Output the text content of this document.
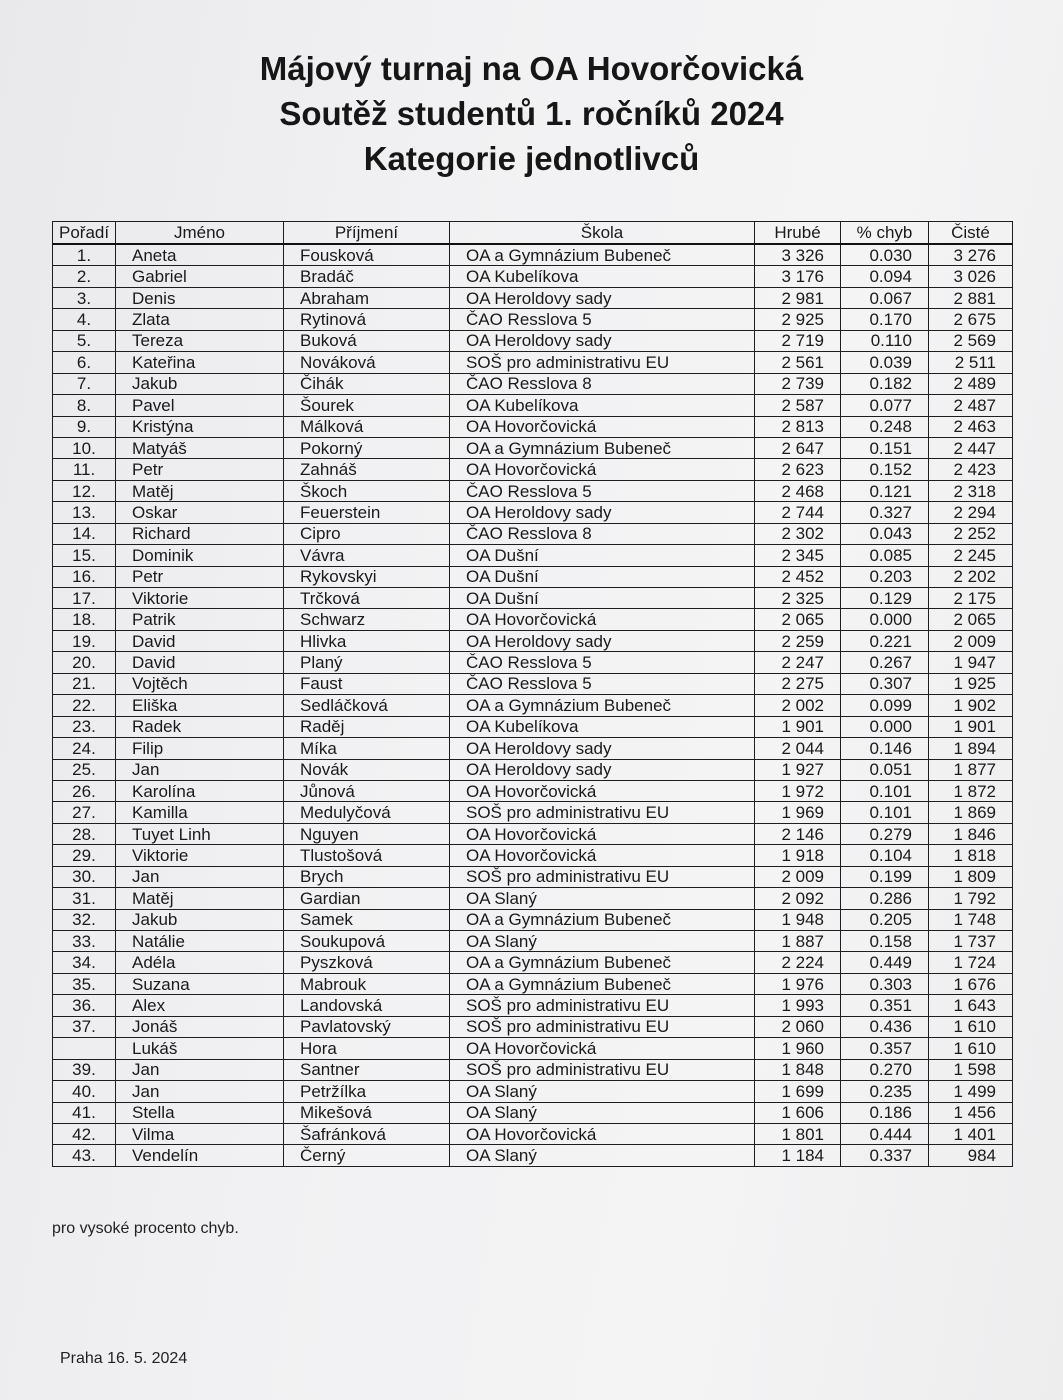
Májový turnaj na OA Hovorčovická
Soutěž studentů 1. ročníků 2024
Kategorie jednotlivců
Pořadí	Jméno	Příjmení	Škola	Hrubé	% chyb	Čisté
1.	Aneta	Fousková	OA a Gymnázium Bubeneč	3 326	0.030	3 276
2.	Gabriel	Bradáč	OA Kubelíkova	3 176	0.094	3 026
3.	Denis	Abraham	OA Heroldovy sady	2 981	0.067	2 881
4.	Zlata	Rytinová	ČAO Resslova 5	2 925	0.170	2 675
5.	Tereza	Buková	OA Heroldovy sady	2 719	0.110	2 569
6.	Kateřina	Nováková	SOŠ pro administrativu EU	2 561	0.039	2 511
7.	Jakub	Čihák	ČAO Resslova 8	2 739	0.182	2 489
8.	Pavel	Šourek	OA Kubelíkova	2 587	0.077	2 487
9.	Kristýna	Málková	OA Hovorčovická	2 813	0.248	2 463
10.	Matyáš	Pokorný	OA a Gymnázium Bubeneč	2 647	0.151	2 447
11.	Petr	Zahnáš	OA Hovorčovická	2 623	0.152	2 423
12.	Matěj	Škoch	ČAO Resslova 5	2 468	0.121	2 318
13.	Oskar	Feuerstein	OA Heroldovy sady	2 744	0.327	2 294
14.	Richard	Cipro	ČAO Resslova 8	2 302	0.043	2 252
15.	Dominik	Vávra	OA Dušní	2 345	0.085	2 245
16.	Petr	Rykovskyi	OA Dušní	2 452	0.203	2 202
17.	Viktorie	Trčková	OA Dušní	2 325	0.129	2 175
18.	Patrik	Schwarz	OA Hovorčovická	2 065	0.000	2 065
19.	David	Hlivka	OA Heroldovy sady	2 259	0.221	2 009
20.	David	Planý	ČAO Resslova 5	2 247	0.267	1 947
21.	Vojtěch	Faust	ČAO Resslova 5	2 275	0.307	1 925
22.	Eliška	Sedláčková	OA a Gymnázium Bubeneč	2 002	0.099	1 902
23.	Radek	Raděj	OA Kubelíkova	1 901	0.000	1 901
24.	Filip	Míka	OA Heroldovy sady	2 044	0.146	1 894
25.	Jan	Novák	OA Heroldovy sady	1 927	0.051	1 877
26.	Karolína	Jůnová	OA Hovorčovická	1 972	0.101	1 872
27.	Kamilla	Medulyčová	SOŠ pro administrativu EU	1 969	0.101	1 869
28.	Tuyet Linh	Nguyen	OA Hovorčovická	2 146	0.279	1 846
29.	Viktorie	Tlustošová	OA Hovorčovická	1 918	0.104	1 818
30.	Jan	Brych	SOŠ pro administrativu EU	2 009	0.199	1 809
31.	Matěj	Gardian	OA Slaný	2 092	0.286	1 792
32.	Jakub	Samek	OA a Gymnázium Bubeneč	1 948	0.205	1 748
33.	Natálie	Soukupová	OA Slaný	1 887	0.158	1 737
34.	Adéla	Pyszková	OA a Gymnázium Bubeneč	2 224	0.449	1 724
35.	Suzana	Mabrouk	OA a Gymnázium Bubeneč	1 976	0.303	1 676
36.	Alex	Landovská	SOŠ pro administrativu EU	1 993	0.351	1 643
37.	Jonáš	Pavlatovský	SOŠ pro administrativu EU	2 060	0.436	1 610
	Lukáš	Hora	OA Hovorčovická	1 960	0.357	1 610
39.	Jan	Santner	SOŠ pro administrativu EU	1 848	0.270	1 598
40.	Jan	Petržílka	OA Slaný	1 699	0.235	1 499
41.	Stella	Mikešová	OA Slaný	1 606	0.186	1 456
42.	Vilma	Šafránková	OA Hovorčovická	1 801	0.444	1 401
43.	Vendelín	Černý	OA Slaný	1 184	0.337	984
pro vysoké procento chyb.
Praha 16. 5. 2024
